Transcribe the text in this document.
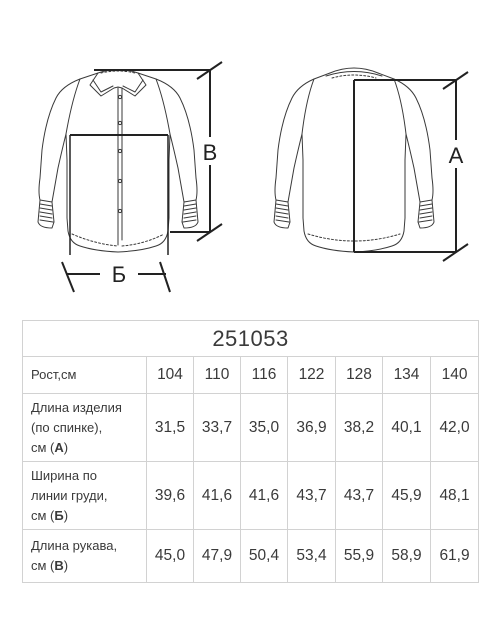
Б
В	А
251053							
Рост,см	104	110	116	122	128	134	140

Длина изделия
(по спинке),
см (А)	31,5	33,7	35,0	36,9	38,2	40,1	42,0

Ширина по
линии груди,
см (Б)	39,6	41,6	41,6	43,7	43,7	45,9	48,1

Длина рукава,
см (В)	45,0	47,9	50,4	53,4	55,9	58,9	61,9
